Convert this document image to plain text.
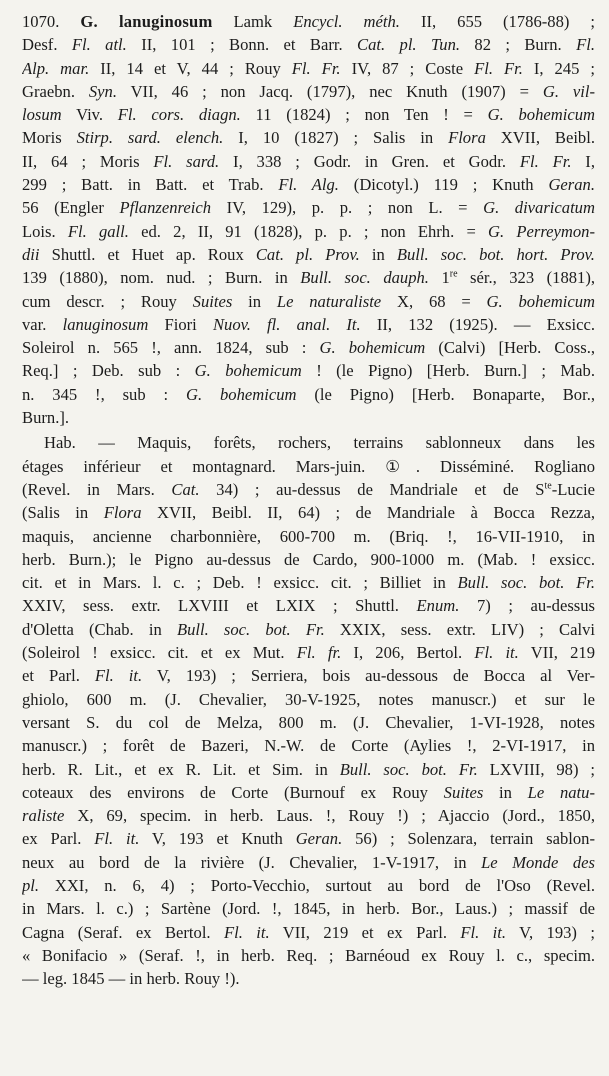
1070. G. lanuginosum Lamk Encycl. méth. II, 655 (1786-88) ;
Desf. Fl. atl. II, 101 ; Bonn. et Barr. Cat. pl. Tun. 82 ; Burn. Fl.
Alp. mar. II, 14 et V, 44 ; Rouy Fl. Fr. IV, 87 ; Coste Fl. Fr. I, 245 ;
Graebn. Syn. VII, 46 ; non Jacq. (1797), nec Knuth (1907) = G. vil-
losum Viv. Fl. cors. diagn. 11 (1824) ; non Ten ! = G. bohemicum
Moris Stirp. sard. elench. I, 10 (1827) ; Salis in Flora XVII, Beibl.
II, 64 ; Moris Fl. sard. I, 338 ; Godr. in Gren. et Godr. Fl. Fr. I,
299 ; Batt. in Batt. et Trab. Fl. Alg. (Dicotyl.) 119 ; Knuth Geran.
56 (Engler Pflanzenreich IV, 129), p. p. ; non L. = G. divaricatum
Lois. Fl. gall. ed. 2, II, 91 (1828), p. p. ; non Ehrh. = G. Perreymon-
dii Shuttl. et Huet ap. Roux Cat. pl. Prov. in Bull. soc. bot. hort. Prov.
139 (1880), nom. nud. ; Burn. in Bull. soc. dauph. 1re sér., 323 (1881),
cum descr. ; Rouy Suites in Le naturaliste X, 68 = G. bohemicum
var. lanuginosum Fiori Nuov. fl. anal. It. II, 132 (1925). — Exsicc.
Soleirol n. 565 !, ann. 1824, sub : G. bohemicum (Calvi) [Herb. Coss.,
Req.] ; Deb. sub : G. bohemicum ! (le Pigno) [Herb. Burn.] ; Mab.
n. 345 !, sub : G. bohemicum (le Pigno) [Herb. Bonaparte, Bor.,
Burn.].
Hab. — Maquis, forêts, rochers, terrains sablonneux dans les
étages inférieur et montagnard. Mars-juin. ①. Disséminé. Rogliano
(Revel. in Mars. Cat. 34) ; au-dessus de Mandriale et de $S^{te}$-Lucie
(Salis in Flora XVII, Beibl. II, 64) ; de Mandriale à Bocca Rezza,
maquis, ancienne charbonnière, 600-700 m. (Briq. !, 16-VII-1910, in
herb. Burn.); le Pigno au-dessus de Cardo, 900-1000 m. (Mab. ! exsicc.
cit. et in Mars. l. c. ; Deb. ! exsicc. cit. ; Billiet in Bull. soc. bot. Fr.
XXIV, sess. extr. LXVIII et LXIX ; Shuttl. Enum. 7) ; au-dessus
d'Oletta (Chab. in Bull. soc. bot. Fr. XXIX, sess. extr. LIV) ; Calvi
(Soleirol ! exsicc. cit. et ex Mut. Fl. fr. I, 206, Bertol. Fl. it. VII, 219
et Parl. Fl. it. V, 193) ; Serriera, bois au-dessous de Bocca al Ver-
ghiolo, 600 m. (J. Chevalier, 30-V-1925, notes manuscr.) et sur le
versant S. du col de Melza, 800 m. (J. Chevalier, 1-VI-1928, notes
manuscr.) ; forêt de Bazeri, N.-W. de Corte (Aylies !, 2-VI-1917, in
herb. R. Lit., et ex R. Lit. et Sim. in Bull. soc. bot. Fr. LXVIII, 98) ;
coteaux des environs de Corte (Burnouf ex Rouy Suites in Le natu-
raliste X, 69, specim. in herb. Laus. !, Rouy !) ; Ajaccio (Jord., 1850,
ex Parl. Fl. it. V, 193 et Knuth Geran. 56) ; Solenzara, terrain sablon-
neux au bord de la rivière (J. Chevalier, 1-V-1917, in Le Monde des
pl. XXI, n. 6, 4) ; Porto-Vecchio, surtout au bord de l'Oso (Revel.
in Mars. l. c.) ; Sartène (Jord. !, 1845, in herb. Bor., Laus.) ; massif de
Cagna (Seraf. ex Bertol. Fl. it. VII, 219 et ex Parl. Fl. it. V, 193) ;
« Bonifacio » (Seraf. !, in herb. Req. ; Barnéoud ex Rouy l. c., specim.
— leg. 1845 — in herb. Rouy !).
